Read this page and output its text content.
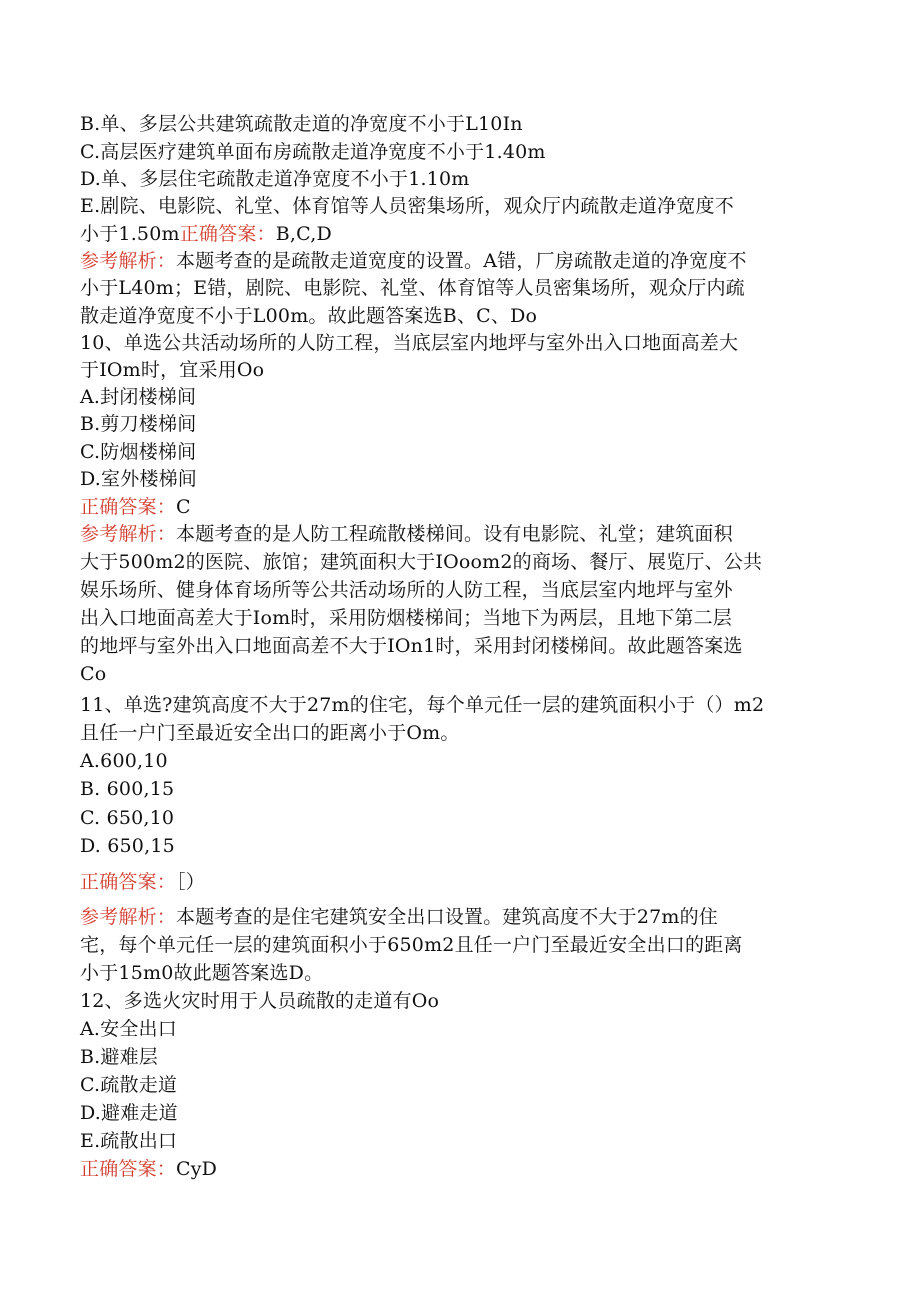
B.单、多层公共建筑疏散走道的净宽度不小于L10In
C.高层医疗建筑单面布房疏散走道净宽度不小于1.40m
D.单、多层住宅疏散走道净宽度不小于1.10m
E.剧院、电影院、礼堂、体育馆等人员密集场所，观众厅内疏散走道净宽度不
小于1.50m正确答案：B,C,D
参考解析：本题考查的是疏散走道宽度的设置。A错，厂房疏散走道的净宽度不
小于L40m；E错，剧院、电影院、礼堂、体育馆等人员密集场所，观众厅内疏
散走道净宽度不小于L00m。故此题答案选B、C、Do
10、单选公共活动场所的人防工程，当底层室内地坪与室外出入口地面高差大
于IOm时，宜采用Oo
A.封闭楼梯间
B.剪刀楼梯间
C.防烟楼梯间
D.室外楼梯间
正确答案：C
参考解析：本题考查的是人防工程疏散楼梯间。设有电影院、礼堂；建筑面积
大于500m2的医院、旅馆；建筑面积大于IOoom2的商场、餐厅、展览厅、公共
娱乐场所、健身体育场所等公共活动场所的人防工程，当底层室内地坪与室外
出入口地面高差大于Iom时，采用防烟楼梯间；当地下为两层，且地下第二层
的地坪与室外出入口地面高差不大于IOn1时，采用封闭楼梯间。故此题答案选
Co
11、单选?建筑高度不大于27m的住宅，每个单元任一层的建筑面积小于（）m2
且任一户门至最近安全出口的距离小于Om。
A.600,10
B. 600,15
C. 650,10
D. 650,15
正确答案：［）
参考解析：本题考查的是住宅建筑安全出口设置。建筑高度不大于27m的住
宅，每个单元任一层的建筑面积小于650m2且任一户门至最近安全出口的距离
小于15m0故此题答案选D。
12、多选火灾时用于人员疏散的走道有Oo
A.安全出口
B.避难层
C.疏散走道
D.避难走道
E.疏散出口
正确答案：CyD
